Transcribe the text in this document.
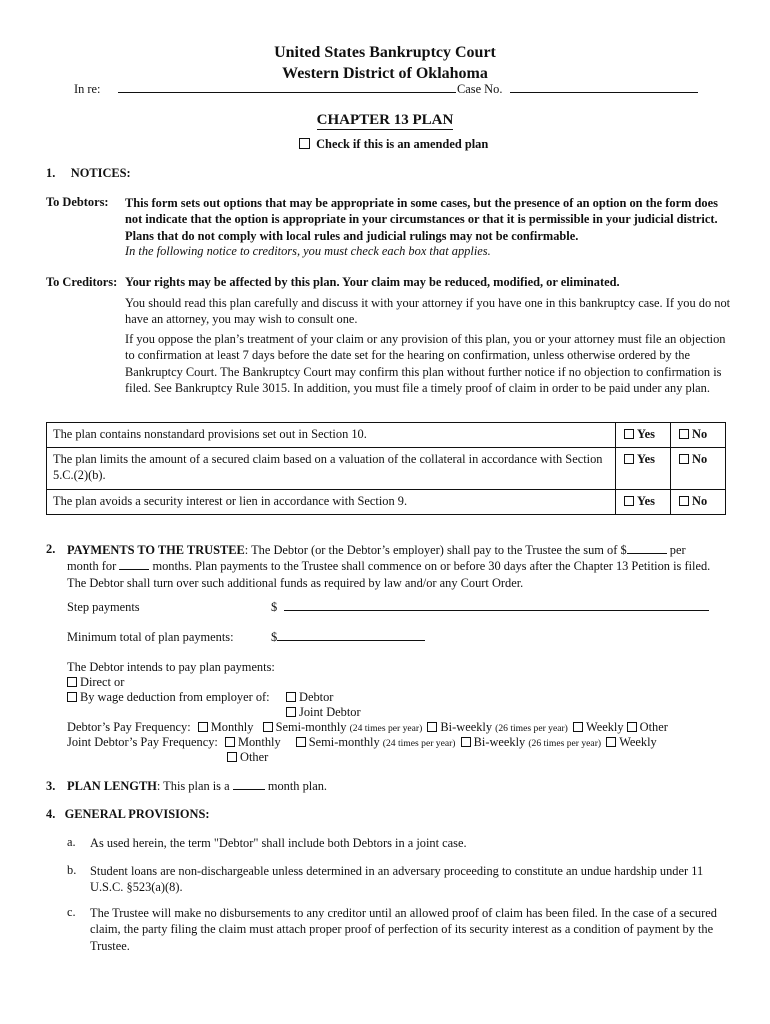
United States Bankruptcy Court
Western District of Oklahoma
In re:	Case No.
CHAPTER 13 PLAN
Check if this is an amended plan
1.     NOTICES:
To Debtors: This form sets out options that may be appropriate in some cases, but the presence of an option on the form does not indicate that the option is appropriate in your circumstances or that it is permissible in your judicial district. Plans that do not comply with local rules and judicial rulings may not be confirmable.
In the following notice to creditors, you must check each box that applies.
To Creditors: Your rights may be affected by this plan. Your claim may be reduced, modified, or eliminated.
You should read this plan carefully and discuss it with your attorney if you have one in this bankruptcy case. If you do not have an attorney, you may wish to consult one.
If you oppose the plan’s treatment of your claim or any provision of this plan, you or your attorney must file an objection to confirmation at least 7 days before the date set for the hearing on confirmation, unless otherwise ordered by the Bankruptcy Court. The Bankruptcy Court may confirm this plan without further notice if no objection to confirmation is filed. See Bankruptcy Rule 3015. In addition, you must file a timely proof of claim in order to be paid under any plan.
The plan contains nonstandard provisions set out in Section 10.	Yes	No
The plan limits the amount of a secured claim based on a valuation of the collateral in accordance with Section 5.C.(2)(b).	Yes	No
The plan avoids a security interest or lien in accordance with Section 9.	Yes	No
2. PAYMENTS TO THE TRUSTEE: The Debtor (or the Debtor’s employer) shall pay to the Trustee the sum of $	per
month for	months. Plan payments to the Trustee shall commence on or before 30 days after the Chapter 13 Petition is filed.
The Debtor shall turn over such additional funds as required by law and/or any Court Order.
Step payments	$
Minimum total of plan payments:	$
The Debtor intends to pay plan payments:
Direct or
By wage deduction from employer of:	Debtor
Joint Debtor
Debtor’s Pay Frequency: Monthly Semi-monthly (24 times per year) Bi-weekly (26 times per year) Weekly Other
Joint Debtor’s Pay Frequency: Monthly Semi-monthly (24 times per year) Bi-weekly (26 times per year) Weekly
Other
3. PLAN LENGTH: This plan is a	month plan.
4.   GENERAL PROVISIONS:
a. As used herein, the term "Debtor" shall include both Debtors in a joint case.
b. Student loans are non-dischargeable unless determined in an adversary proceeding to constitute an undue hardship under 11 U.S.C. §523(a)(8).
c. The Trustee will make no disbursements to any creditor until an allowed proof of claim has been filed. In the case of a secured claim, the party filing the claim must attach proper proof of perfection of its security interest as a condition of payment by the Trustee.
